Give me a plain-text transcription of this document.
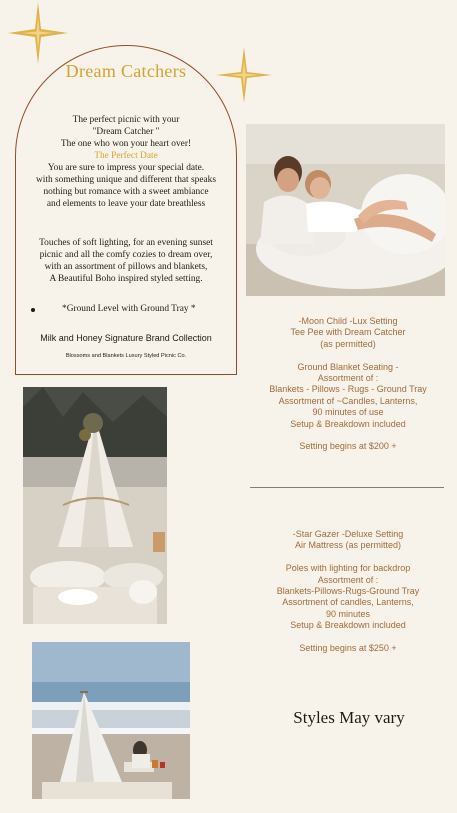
Dream Catchers
The perfect picnic with your
"Dream Catcher "
The one who won your heart over!
The Perfect Date
You are sure to impress your special date.
with something unique and different that speaks
nothing but romance with a sweet ambiance
and elements to leave your date breathless
Touches of soft lighting, for an evening sunset
picnic and all the comfy cozies to dream over,
with an assortment of pillows and blankets,
A Beautiful Boho inspired styled setting.
*Ground Level with Ground Tray *
Milk and Honey Signature Brand Collection
Blossoms and Blankets Luxury Styled Picnic Co.
-Moon Child -Lux Setting
Tee Pee with Dream Catcher
(as permitted)
Ground Blanket Seating -
Assortment of :
Blankets - Pillows - Rugs - Ground Tray
Assortment of ~Candles, Lanterns,
90 minutes of use
Setup & Breakdown included
Setting begins at $200 +
-Star Gazer -Deluxe Setting
Air Mattress (as permitted)
Poles with lighting for backdrop
Assortment of :
Blankets-Pillows-Rugs-Ground Tray
Assortment of candles, Lanterns,
90 minutes
Setup & Breakdown included
Setting begins at $250 +
Styles May vary
